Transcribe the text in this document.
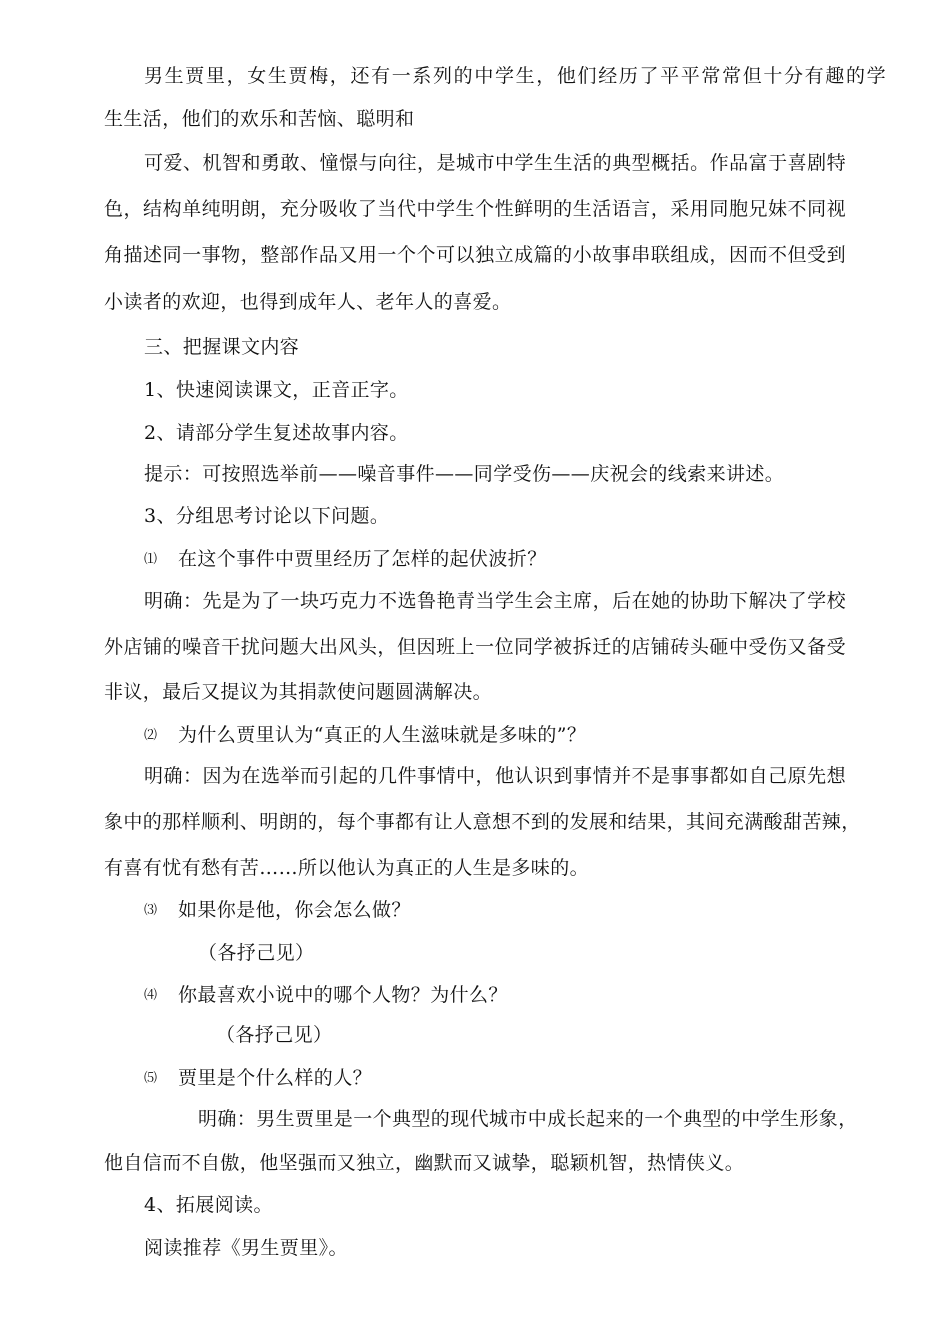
男生贾里，女生贾梅，还有一系列的中学生，他们经历了平平常常但十分有趣的学
生生活，他们的欢乐和苦恼、聪明和
可爱、机智和勇敢、憧憬与向往，是城市中学生生活的典型概括。作品富于喜剧特
色，结构单纯明朗，充分吸收了当代中学生个性鲜明的生活语言，采用同胞兄妹不同视
角描述同一事物，整部作品又用一个个可以独立成篇的小故事串联组成，因而不但受到
小读者的欢迎，也得到成年人、老年人的喜爱。
三、把握课文内容
1、快速阅读课文，正音正字。
2、请部分学生复述故事内容。
提示：可按照选举前——噪音事件——同学受伤——庆祝会的线索来讲述。
3、分组思考讨论以下问题。
⑴ 在这个事件中贾里经历了怎样的起伏波折？
明确：先是为了一块巧克力不选鲁艳青当学生会主席，后在她的协助下解决了学校
外店铺的噪音干扰问题大出风头，但因班上一位同学被拆迁的店铺砖头砸中受伤又备受
非议，最后又提议为其捐款使问题圆满解决。
⑵ 为什么贾里认为“真正的人生滋味就是多味的”？
明确：因为在选举而引起的几件事情中，他认识到事情并不是事事都如自己原先想
象中的那样顺利、明朗的，每个事都有让人意想不到的发展和结果，其间充满酸甜苦辣，
有喜有忧有愁有苦……所以他认为真正的人生是多味的。
⑶ 如果你是他，你会怎么做？
（各抒己见）
⑷ 你最喜欢小说中的哪个人物？为什么？
（各抒己见）
⑸ 贾里是个什么样的人？
明确：男生贾里是一个典型的现代城市中成长起来的一个典型的中学生形象，
他自信而不自傲，他坚强而又独立，幽默而又诚挚，聪颖机智，热情侠义。
4、拓展阅读。
阅读推荐《男生贾里》。
